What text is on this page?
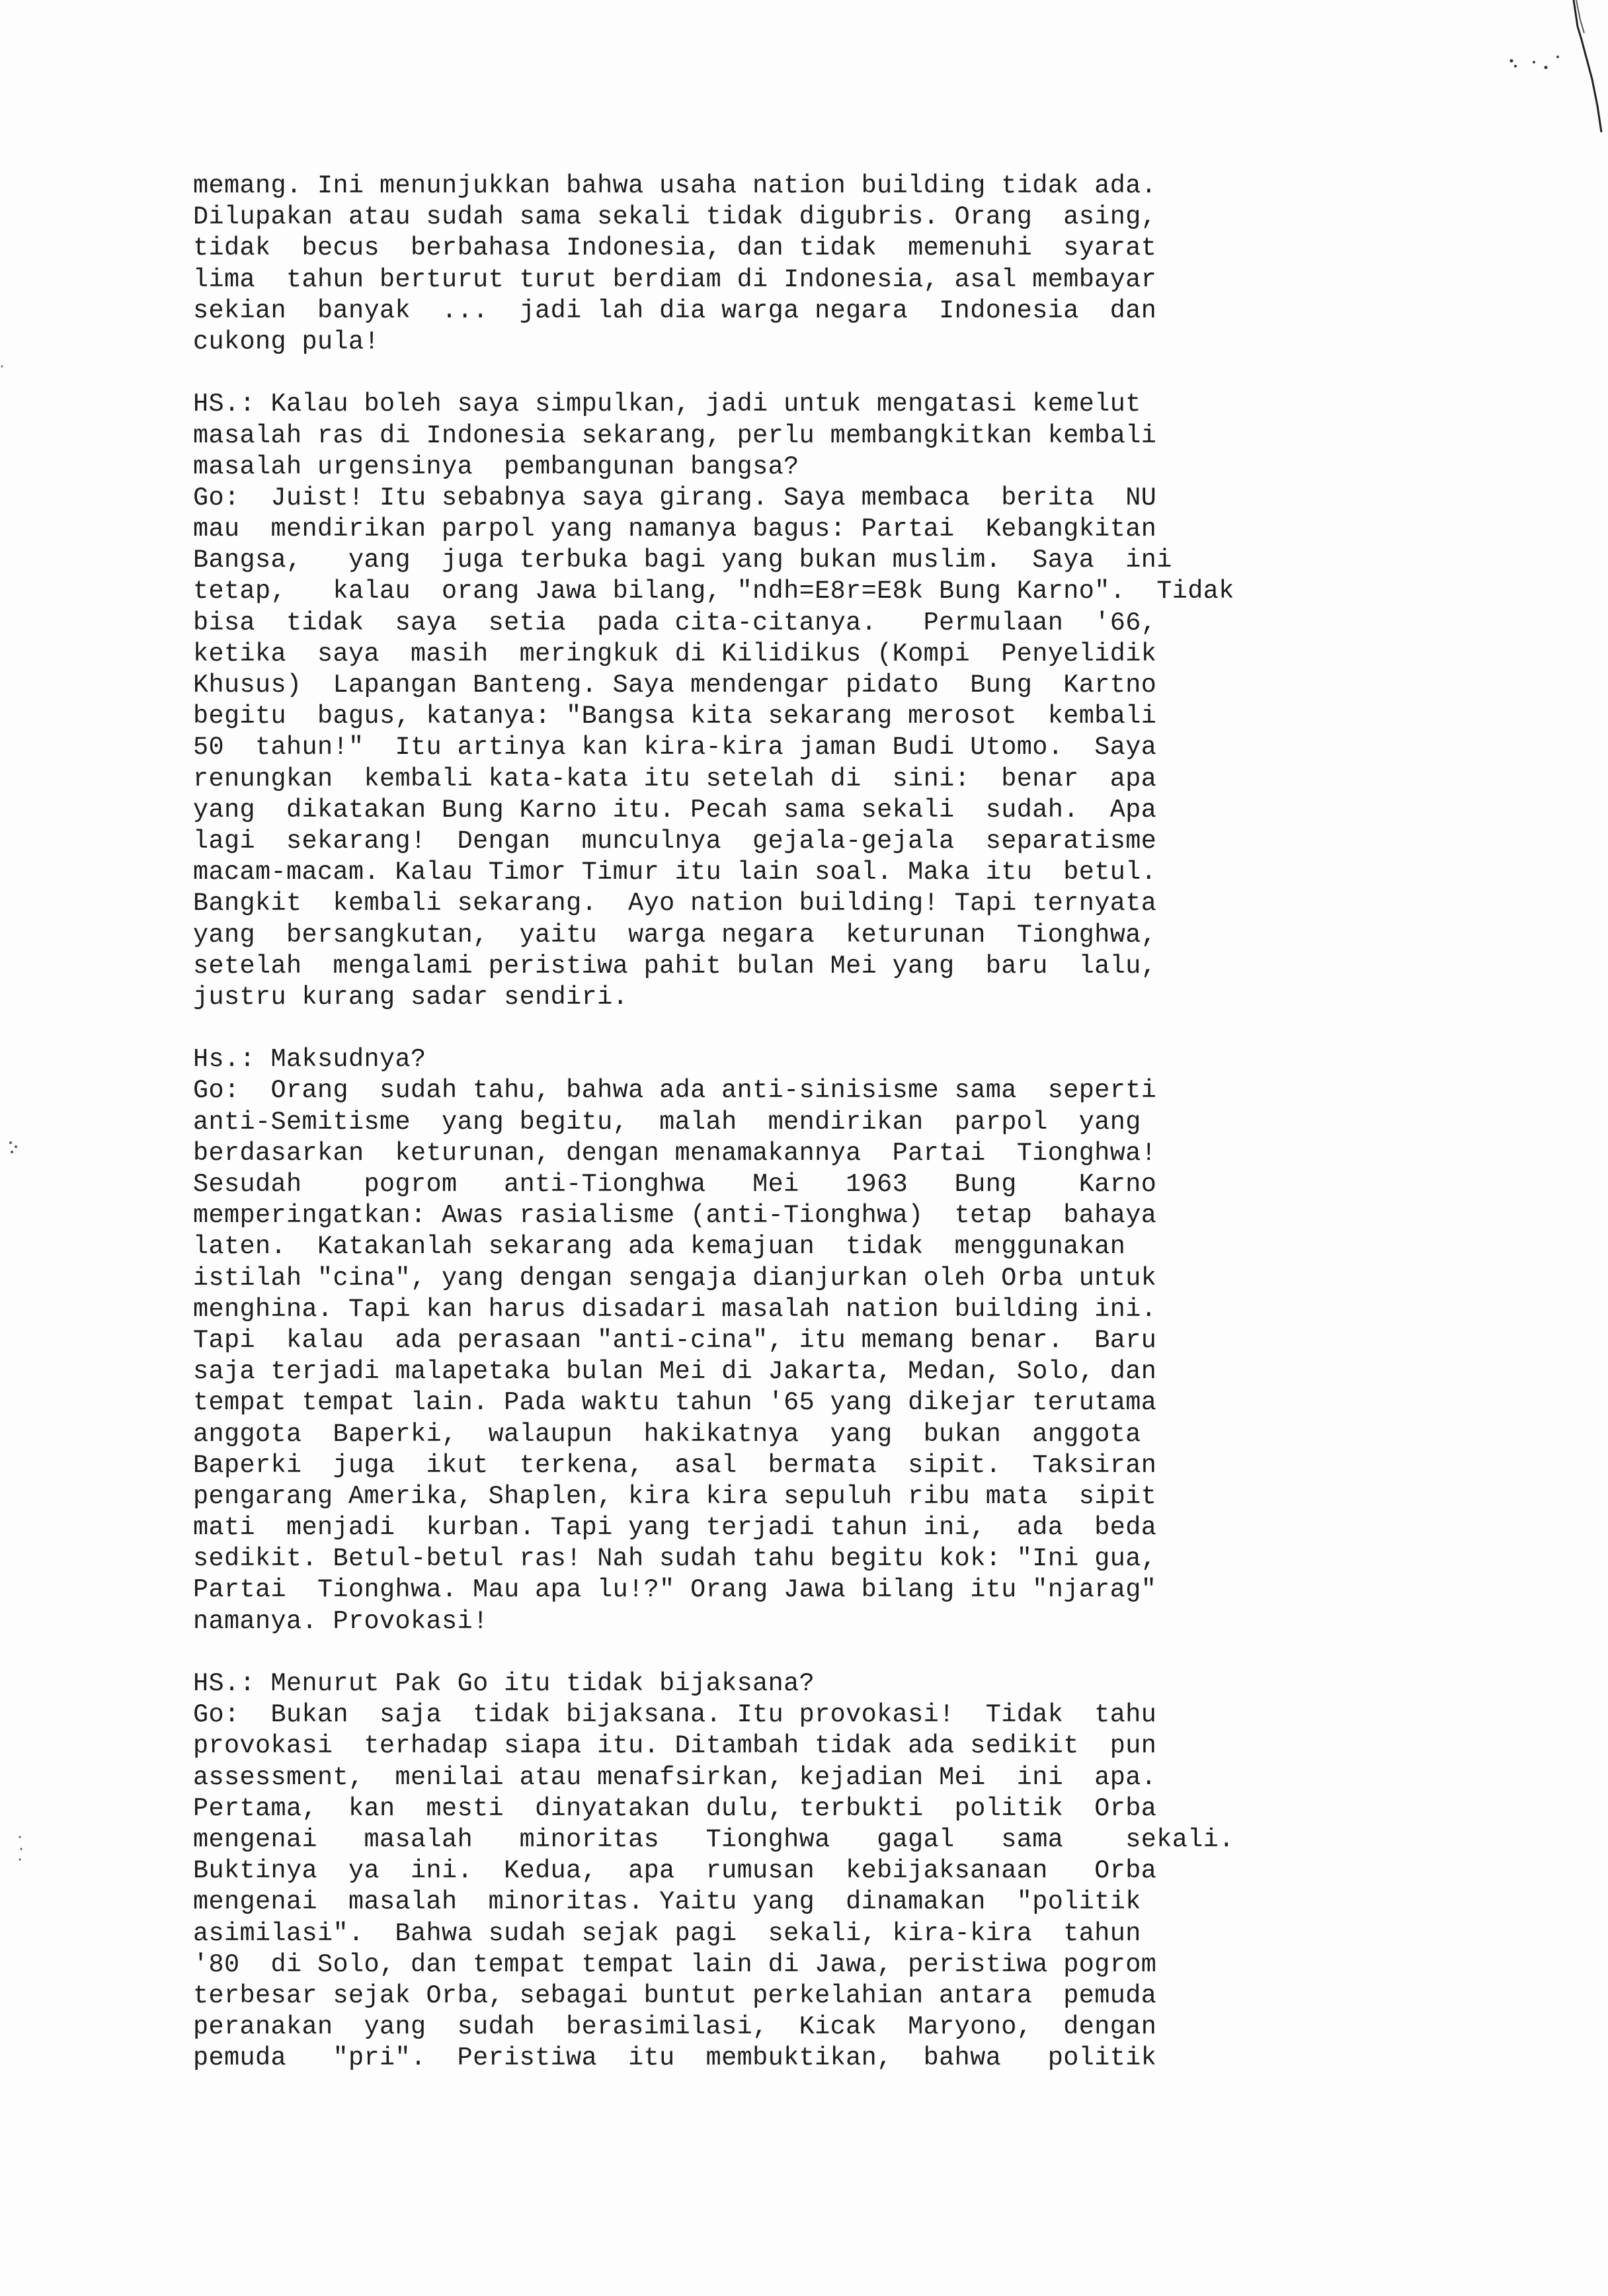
memang. Ini menunjukkan bahwa usaha nation building tidak ada.
Dilupakan atau sudah sama sekali tidak digubris. Orang  asing,
tidak  becus  berbahasa Indonesia, dan tidak  memenuhi  syarat
lima  tahun berturut turut berdiam di Indonesia, asal membayar
sekian  banyak  ...  jadi lah dia warga negara  Indonesia  dan
cukong pula!
HS.: Kalau boleh saya simpulkan, jadi untuk mengatasi kemelut
masalah ras di Indonesia sekarang, perlu membangkitkan kembali
masalah urgensinya  pembangunan bangsa?
Go:  Juist! Itu sebabnya saya girang. Saya membaca  berita  NU
mau  mendirikan parpol yang namanya bagus: Partai  Kebangkitan
Bangsa,   yang  juga terbuka bagi yang bukan muslim.  Saya  ini
tetap,   kalau  orang Jawa bilang, "ndh=E8r=E8k Bung Karno".  Tidak
bisa  tidak  saya  setia  pada cita-citanya.   Permulaan  '66,
ketika  saya  masih  meringkuk di Kilidikus (Kompi  Penyelidik
Khusus)  Lapangan Banteng. Saya mendengar pidato  Bung  Kartno
begitu  bagus, katanya: "Bangsa kita sekarang merosot  kembali
50  tahun!"  Itu artinya kan kira-kira jaman Budi Utomo.  Saya
renungkan  kembali kata-kata itu setelah di  sini:  benar  apa
yang  dikatakan Bung Karno itu. Pecah sama sekali  sudah.  Apa
lagi  sekarang!  Dengan  munculnya  gejala-gejala  separatisme
macam-macam. Kalau Timor Timur itu lain soal. Maka itu  betul.
Bangkit  kembali sekarang.  Ayo nation building! Tapi ternyata
yang  bersangkutan,  yaitu  warga negara  keturunan  Tionghwa,
setelah  mengalami peristiwa pahit bulan Mei yang  baru  lalu,
justru kurang sadar sendiri.
Hs.: Maksudnya?
Go:  Orang  sudah tahu, bahwa ada anti-sinisisme sama  seperti
anti-Semitisme  yang begitu,  malah  mendirikan  parpol  yang
berdasarkan  keturunan, dengan menamakannya  Partai  Tionghwa!
Sesudah    pogrom   anti-Tionghwa   Mei   1963   Bung    Karno
memperingatkan: Awas rasialisme (anti-Tionghwa)  tetap  bahaya
laten.  Katakanlah sekarang ada kemajuan  tidak  menggunakan
istilah "cina", yang dengan sengaja dianjurkan oleh Orba untuk
menghina. Tapi kan harus disadari masalah nation building ini.
Tapi  kalau  ada perasaan "anti-cina", itu memang benar.  Baru
saja terjadi malapetaka bulan Mei di Jakarta, Medan, Solo, dan
tempat tempat lain. Pada waktu tahun '65 yang dikejar terutama
anggota  Baperki,  walaupun  hakikatnya  yang  bukan  anggota
Baperki  juga  ikut  terkena,  asal  bermata  sipit.  Taksiran
pengarang Amerika, Shaplen, kira kira sepuluh ribu mata  sipit
mati  menjadi  kurban. Tapi yang terjadi tahun ini,  ada  beda
sedikit. Betul-betul ras! Nah sudah tahu begitu kok: "Ini gua,
Partai  Tionghwa. Mau apa lu!?" Orang Jawa bilang itu "njarag"
namanya. Provokasi!
HS.: Menurut Pak Go itu tidak bijaksana?
Go:  Bukan  saja  tidak bijaksana. Itu provokasi!  Tidak  tahu
provokasi  terhadap siapa itu. Ditambah tidak ada sedikit  pun
assessment,  menilai atau menafsirkan, kejadian Mei  ini  apa.
Pertama,  kan  mesti  dinyatakan dulu, terbukti  politik  Orba
mengenai   masalah   minoritas   Tionghwa   gagal   sama    sekali.
Buktinya  ya  ini.  Kedua,  apa  rumusan  kebijaksanaan   Orba
mengenai  masalah  minoritas. Yaitu yang  dinamakan  "politik
asimilasi".  Bahwa sudah sejak pagi  sekali, kira-kira  tahun
'80  di Solo, dan tempat tempat lain di Jawa, peristiwa pogrom
terbesar sejak Orba, sebagai buntut perkelahian antara  pemuda
peranakan  yang  sudah  berasimilasi,  Kicak  Maryono,  dengan
pemuda   "pri".  Peristiwa  itu  membuktikan,  bahwa   politik
